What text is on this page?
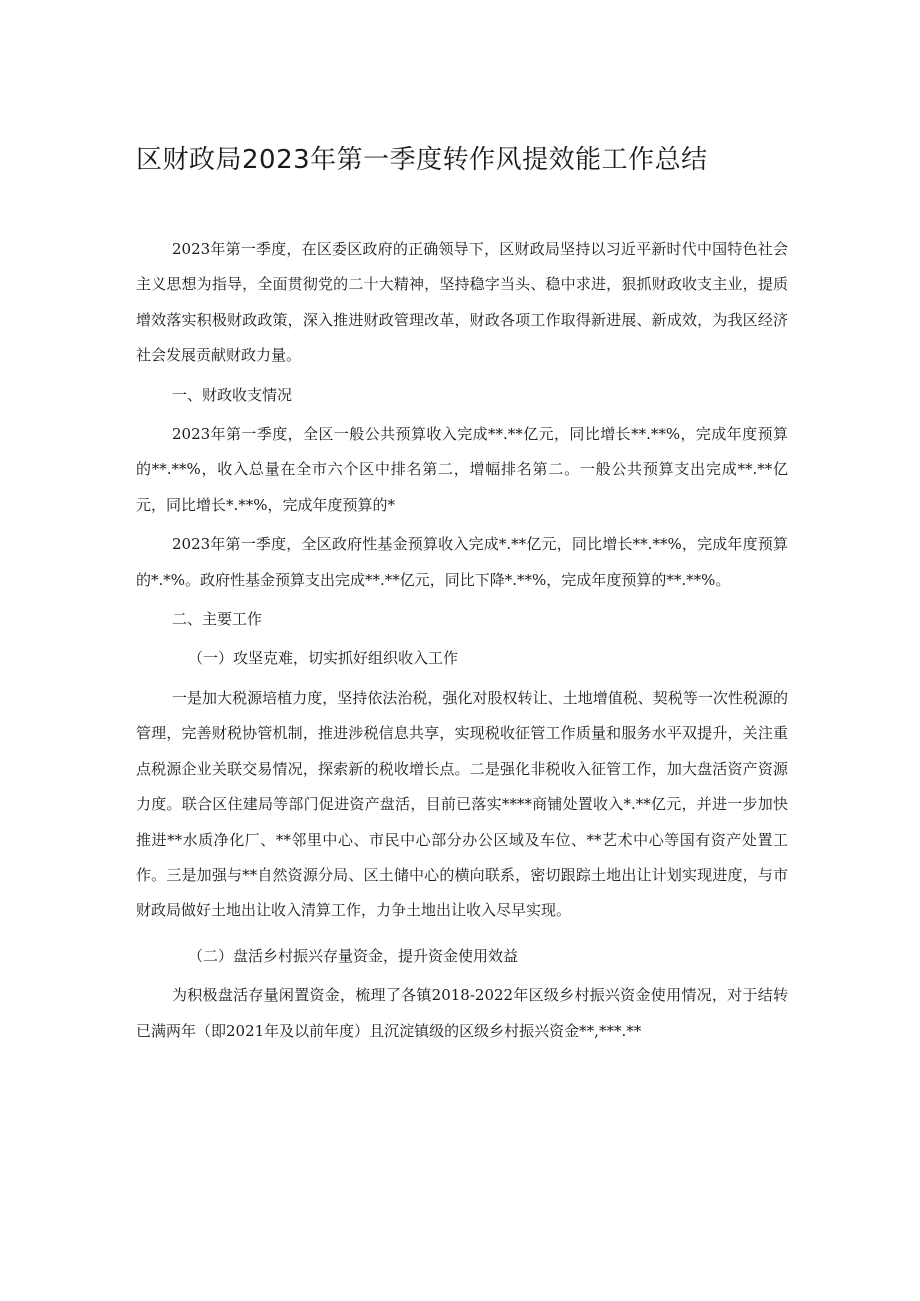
区财政局2023年第一季度转作风提效能工作总结

2023年第一季度，在区委区政府的正确领导下，区财政局坚持以习近平新时代中国特色社会主义思想为指导，全面贯彻党的二十大精神，坚持稳字当头、稳中求进，狠抓财政收支主业，提质增效落实积极财政政策，深入推进财政管理改革，财政各项工作取得新进展、新成效，为我区经济社会发展贡献财政力量。

一、财政收支情况

2023年第一季度，全区一般公共预算收入完成**.**亿元，同比增长**.**%，完成年度预算的**.**%，收入总量在全市六个区中排名第二，增幅排名第二。一般公共预算支出完成**.**亿元，同比增长*.**%，完成年度预算的*

2023年第一季度，全区政府性基金预算收入完成*.**亿元，同比增长**.**%，完成年度预算的*.*%。政府性基金预算支出完成**.**亿元，同比下降*.**%，完成年度预算的**.**%。

二、主要工作

（一）攻坚克难，切实抓好组织收入工作

一是加大税源培植力度，坚持依法治税，强化对股权转让、土地增值税、契税等一次性税源的管理，完善财税协管机制，推进涉税信息共享，实现税收征管工作质量和服务水平双提升，关注重点税源企业关联交易情况，探索新的税收增长点。二是强化非税收入征管工作，加大盘活资产资源力度。联合区住建局等部门促进资产盘活，目前已落实****商铺处置收入*.**亿元，并进一步加快推进**水质净化厂、**邻里中心、市民中心部分办公区域及车位、**艺术中心等国有资产处置工作。三是加强与**自然资源分局、区土储中心的横向联系，密切跟踪土地出让计划实现进度，与市财政局做好土地出让收入清算工作，力争土地出让收入尽早实现。

（二）盘活乡村振兴存量资金，提升资金使用效益

为积极盘活存量闲置资金，梳理了各镇2018-2022年区级乡村振兴资金使用情况，对于结转已满两年（即2021年及以前年度）且沉淀镇级的区级乡村振兴资金**,***.**
